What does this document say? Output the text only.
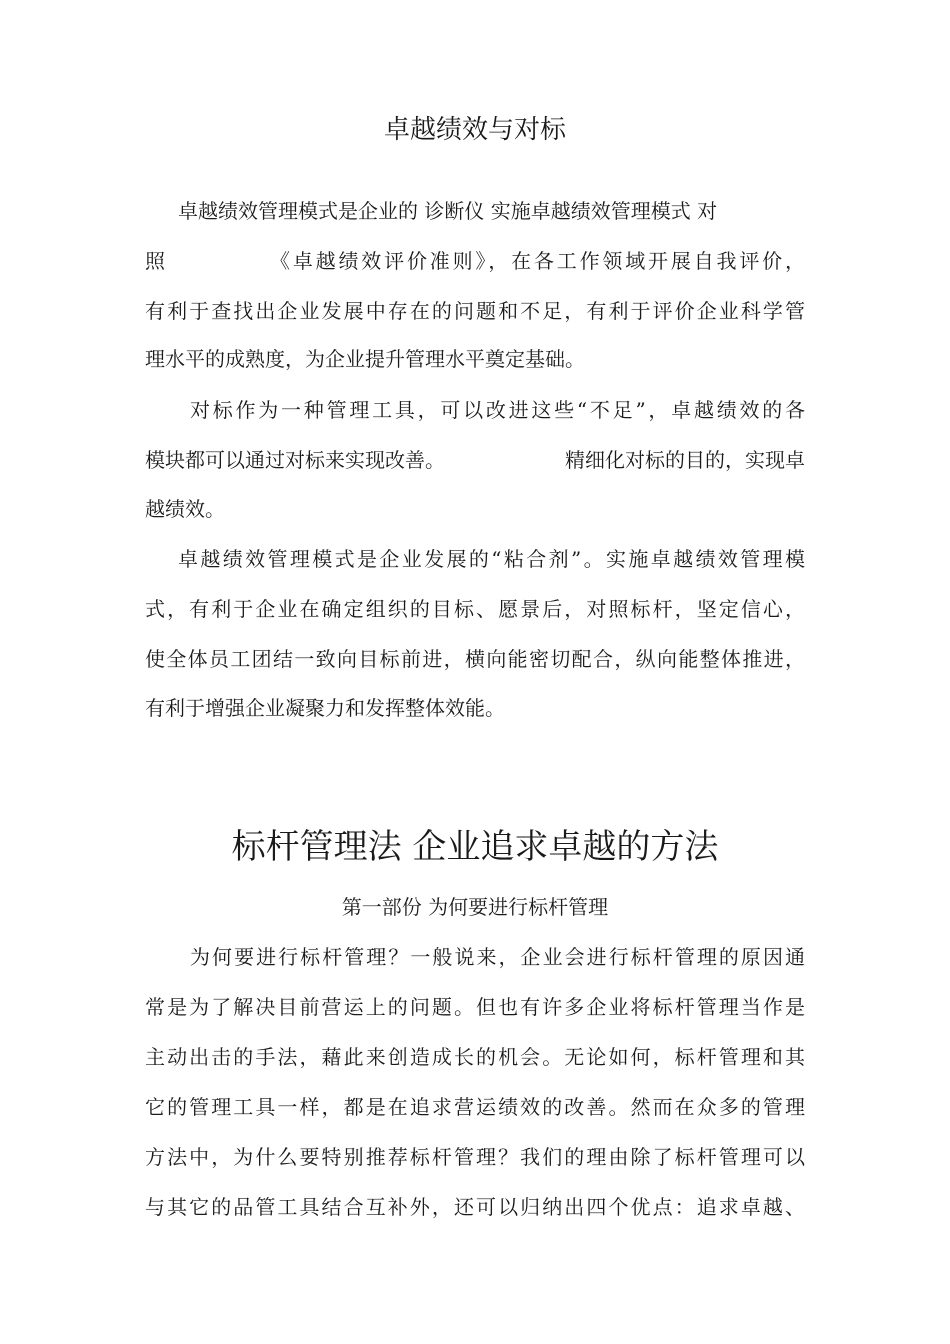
卓越绩效与对标

卓越绩效管理模式是企业的 诊断仪 实施卓越绩效管理模式 对

照	《卓越绩效评价准则》，在各工作领域开展自我评价，

有利于查找出企业发展中存在的问题和不足，有利于评价企业科学管

理水平的成熟度，为企业提升管理水平奠定基础。

对标作为一种管理工具，可以改进这些“不足”，卓越绩效的各

模块都可以通过对标来实现改善。	精细化对标的目的，实现卓

越绩效。

卓越绩效管理模式是企业发展的“粘合剂”。实施卓越绩效管理模

式，有利于企业在确定组织的目标、愿景后，对照标杆，坚定信心，

使全体员工团结一致向目标前进，横向能密切配合，纵向能整体推进，

有利于增强企业凝聚力和发挥整体效能。

标杆管理法 企业追求卓越的方法

第一部份 为何要进行标杆管理

为何要进行标杆管理？一般说来，企业会进行标杆管理的原因通

常是为了解决目前营运上的问题。但也有许多企业将标杆管理当作是

主动出击的手法，藉此来创造成长的机会。无论如何，标杆管理和其

它的管理工具一样，都是在追求营运绩效的改善。然而在众多的管理

方法中，为什么要特别推荐标杆管理？我们的理由除了标杆管理可以

与其它的品管工具结合互补外，还可以归纳出四个优点：追求卓越、
